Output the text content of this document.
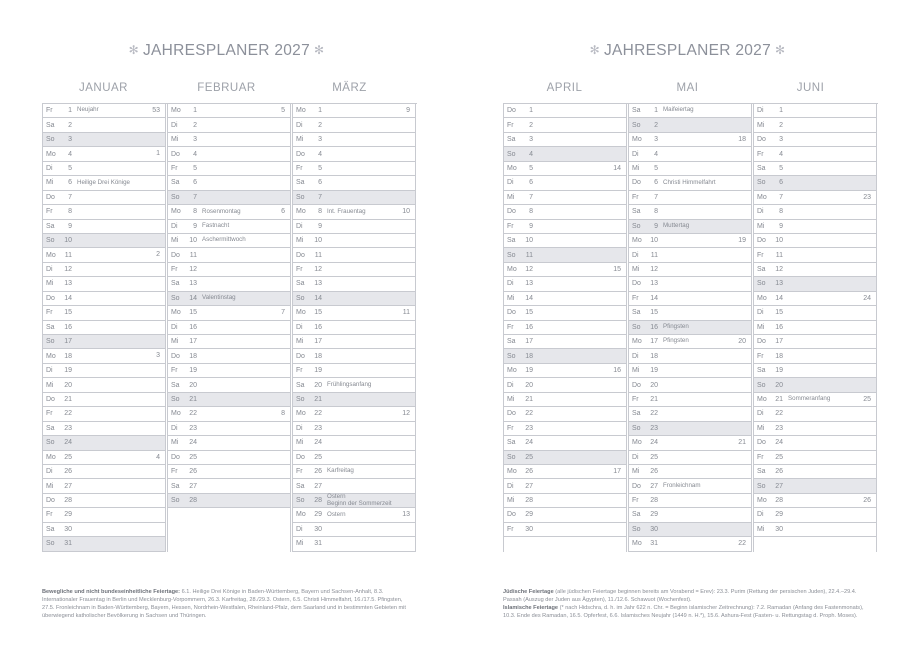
✻ JAHRESPLANER 2027 ✻
JANUAR	FEBRUAR	MÄRZ
Fr	1 Neujahr	53
Sa	2
So	3
Mo	4	1
Di	5
Mi	6 Heilige Drei Könige
Do	7
Fr	8
Sa	9
So	10
Mo	11	2
Di	12
Mi	13
Do	14
Fr	15
Sa	16
So	17
Mo	18	3
Di	19
Mi	20
Do	21
Fr	22
Sa	23
So	24
Mo	25	4
Di	26
Mi	27
Do	28
Fr	29
Sa	30
So	31
Mo	1	5
Di	2
Mi	3
Do	4
Fr	5
Sa	6
So	7
Mo	8 Rosenmontag	6
Di	9 Fastnacht
Mi	10 Aschermittwoch
Do	11
Fr	12
Sa	13
So	14 Valentinstag
Mo	15	7
Di	16
Mi	17
Do	18
Fr	19
Sa	20
So	21
Mo	22	8
Di	23
Mi	24
Do	25
Fr	26
Sa	27
So	28
Mo	1	9
Di	2
Mi	3
Do	4
Fr	5
Sa	6
So	7
Mo	8 Int. Frauentag	10
Di	9
Mi	10
Do	11
Fr	12
Sa	13
So	14
Mo	15	11
Di	16
Mi	17
Do	18
Fr	19
Sa	20 Frühlingsanfang
So	21
Mo	22	12
Di	23
Mi	24
Do	25
Fr	26 Karfreitag
Sa	27
So	28
Ostern
Beginn der Sommerzeit
Mo	29 Ostern	13
Di	30
Mi	31
Bewegliche und nicht bundeseinheitliche Feiertage: 6.1. Heilige Drei Könige in Baden-Württemberg, Bayern und Sachsen-Anhalt, 8.3. Internationaler Frauentag in Berlin und Mecklenburg-Vorpommern, 26.3. Karfreitag, 28./29.3. Ostern, 6.5. Christi Himmelfahrt, 16./17.5. Pfingsten, 27.5. Fronleichnam in Baden-Württemberg, Bayern, Hessen, Nordrhein-Westfalen, Rheinland-Pfalz, dem Saarland und in bestimmten Gebieten mit überwiegend katholischer Bevölkerung in Sachsen und Thüringen.
✻ JAHRESPLANER 2027 ✻
APRIL	MAI	JUNI
Do	1
Fr	2
Sa	3
So	4
Mo	5	14
Di	6
Mi	7
Do	8
Fr	9
Sa	10
So	11
Mo	12	15
Di	13
Mi	14
Do	15
Fr	16
Sa	17
So	18
Mo	19	16
Di	20
Mi	21
Do	22
Fr	23
Sa	24
So	25
Mo	26	17
Di	27
Mi	28
Do	29
Fr	30
Sa	1 Maifeiertag
So	2
Mo	3	18
Di	4
Mi	5
Do	6 Christi Himmelfahrt
Fr	7
Sa	8
So	9 Muttertag
Mo	10	19
Di	11
Mi	12
Do	13
Fr	14
Sa	15
So	16 Pfingsten
Mo	17 Pfingsten	20
Di	18
Mi	19
Do	20
Fr	21
Sa	22
So	23
Mo	24	21
Di	25
Mi	26
Do	27 Fronleichnam
Fr	28
Sa	29
So	30
Mo	31	22
Di	1
Mi	2
Do	3
Fr	4
Sa	5
So	6
Mo	7	23
Di	8
Mi	9
Do	10
Fr	11
Sa	12
So	13
Mo	14	24
Di	15
Mi	16
Do	17
Fr	18
Sa	19
So	20
Mo	21 Sommeranfang	25
Di	22
Mi	23
Do	24
Fr	25
Sa	26
So	27
Mo	28	26
Di	29
Mi	30
Jüdische Feiertage (alle jüdischen Feiertage beginnen bereits am Vorabend = Erev): 23.3. Purim (Rettung der persischen Juden), 22.4.–29.4. Passah (Auszug der Juden aus Ägypten), 11./12.6. Schawuot (Wochenfest).
Islamische Feiertage (* nach Hidschra, d. h. im Jahr 622 n. Chr. = Beginn islamischer Zeitrechnung): 7.2. Ramadan (Anfang des Fastenmonats), 10.3. Ende des Ramadan, 16.5. Opferfest, 6.6. Islamisches Neujahr (1449 n. H.*), 15.6. Ashura-Fest (Fasten- u. Rettungstag d. Proph. Moses).
